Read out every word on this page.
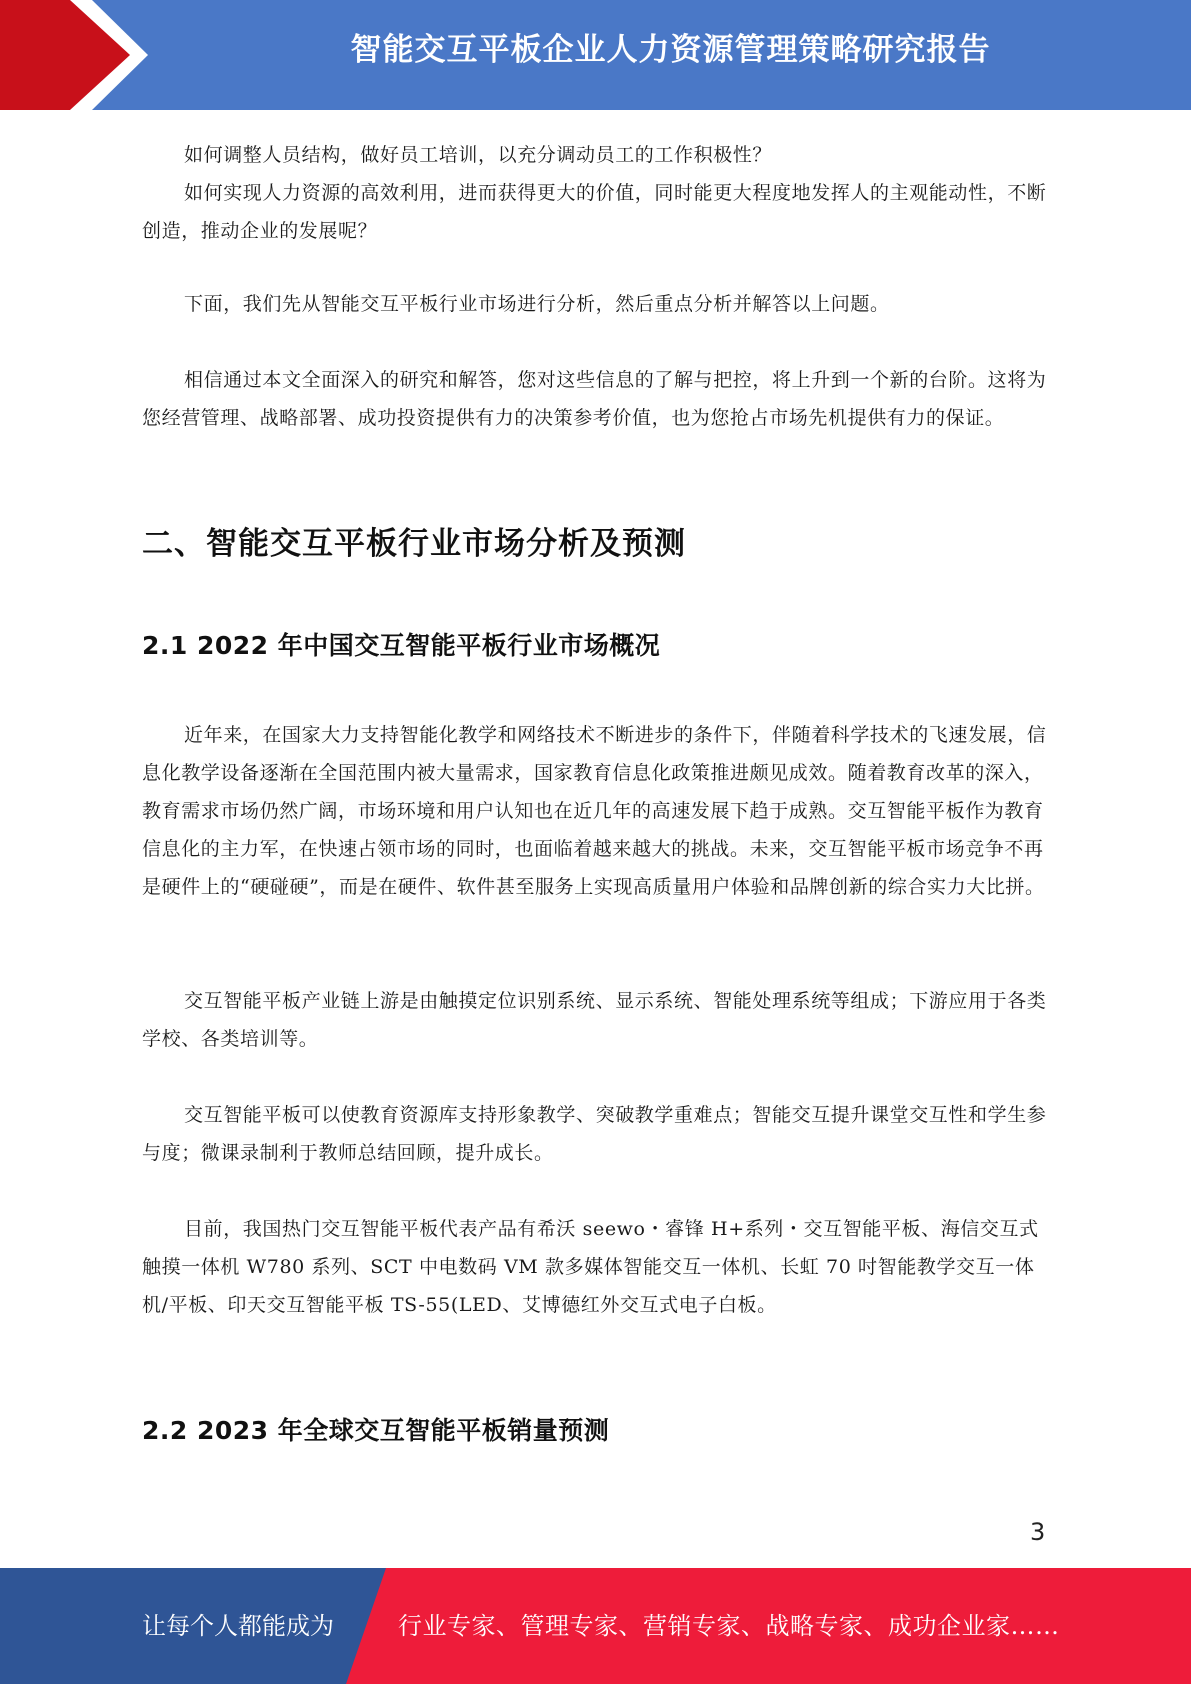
智能交互平板企业人力资源管理策略研究报告

如何调整人员结构，做好员工培训，以充分调动员工的工作积极性？

如何实现人力资源的高效利用，进而获得更大的价值，同时能更大程度地发挥人的主观能动性，不断创造，推动企业的发展呢？

下面，我们先从智能交互平板行业市场进行分析，然后重点分析并解答以上问题。

相信通过本文全面深入的研究和解答，您对这些信息的了解与把控，将上升到一个新的台阶。这将为您经营管理、战略部署、成功投资提供有力的决策参考价值，也为您抢占市场先机提供有力的保证。

二、智能交互平板行业市场分析及预测
2.1 2022 年中国交互智能平板行业市场概况

近年来，在国家大力支持智能化教学和网络技术不断进步的条件下，伴随着科学技术的飞速发展，信息化教学设备逐渐在全国范围内被大量需求，国家教育信息化政策推进颇见成效。随着教育改革的深入，教育需求市场仍然广阔，市场环境和用户认知也在近几年的高速发展下趋于成熟。交互智能平板作为教育信息化的主力军，在快速占领市场的同时，也面临着越来越大的挑战。未来，交互智能平板市场竞争不再是硬件上的“硬碰硬”，而是在硬件、软件甚至服务上实现高质量用户体验和品牌创新的综合实力大比拼。

交互智能平板产业链上游是由触摸定位识别系统、显示系统、智能处理系统等组成；下游应用于各类学校、各类培训等。

交互智能平板可以使教育资源库支持形象教学、突破教学重难点；智能交互提升课堂交互性和学生参与度；微课录制利于教师总结回顾，提升成长。

目前，我国热门交互智能平板代表产品有希沃 seewo・睿锋 H+系列・交互智能平板、海信交互式触摸一体机 W780 系列、SCT 中电数码 VM 款多媒体智能交互一体机、长虹 70 吋智能教学交互一体机/平板、印天交互智能平板 TS-55(LED、艾博德红外交互式电子白板。

2.2 2023 年全球交互智能平板销量预测
3
让每个人都能成为	行业专家、管理专家、营销专家、战略专家、成功企业家……
